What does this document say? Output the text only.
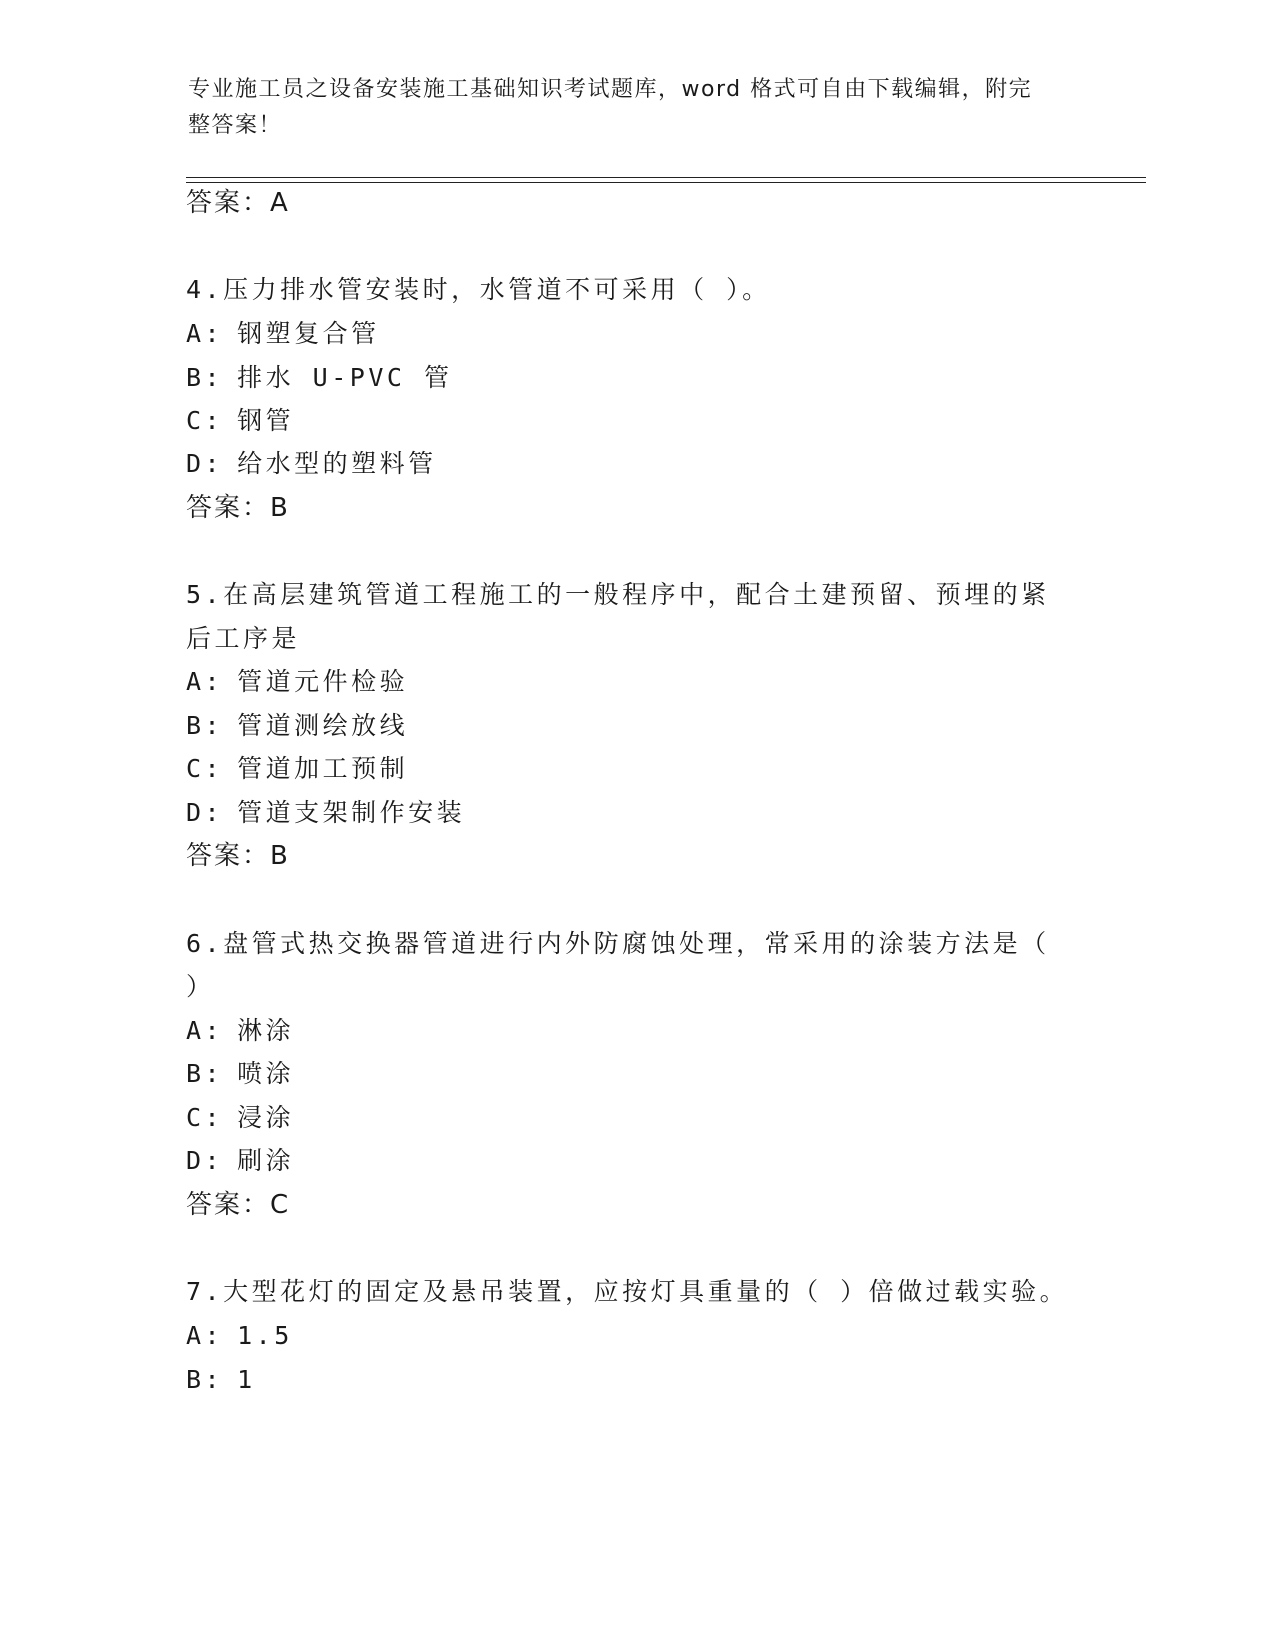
专业施工员之设备安装施工基础知识考试题库，word 格式可自由下载编辑，附完
整答案！
答案：A
4.压力排水管安装时，水管道不可采用（ ）。
A: 钢塑复合管
B: 排水 U-PVC 管
C: 钢管
D: 给水型的塑料管
答案：B
5.在高层建筑管道工程施工的一般程序中，配合土建预留、预埋的紧
后工序是
A: 管道元件检验
B: 管道测绘放线
C: 管道加工预制
D: 管道支架制作安装
答案：B
6.盘管式热交换器管道进行内外防腐蚀处理，常采用的涂装方法是（
）
A: 淋涂
B: 喷涂
C: 浸涂
D: 刷涂
答案：C
7.大型花灯的固定及悬吊装置，应按灯具重量的（ ）倍做过载实验。
A: 1.5
B: 1
